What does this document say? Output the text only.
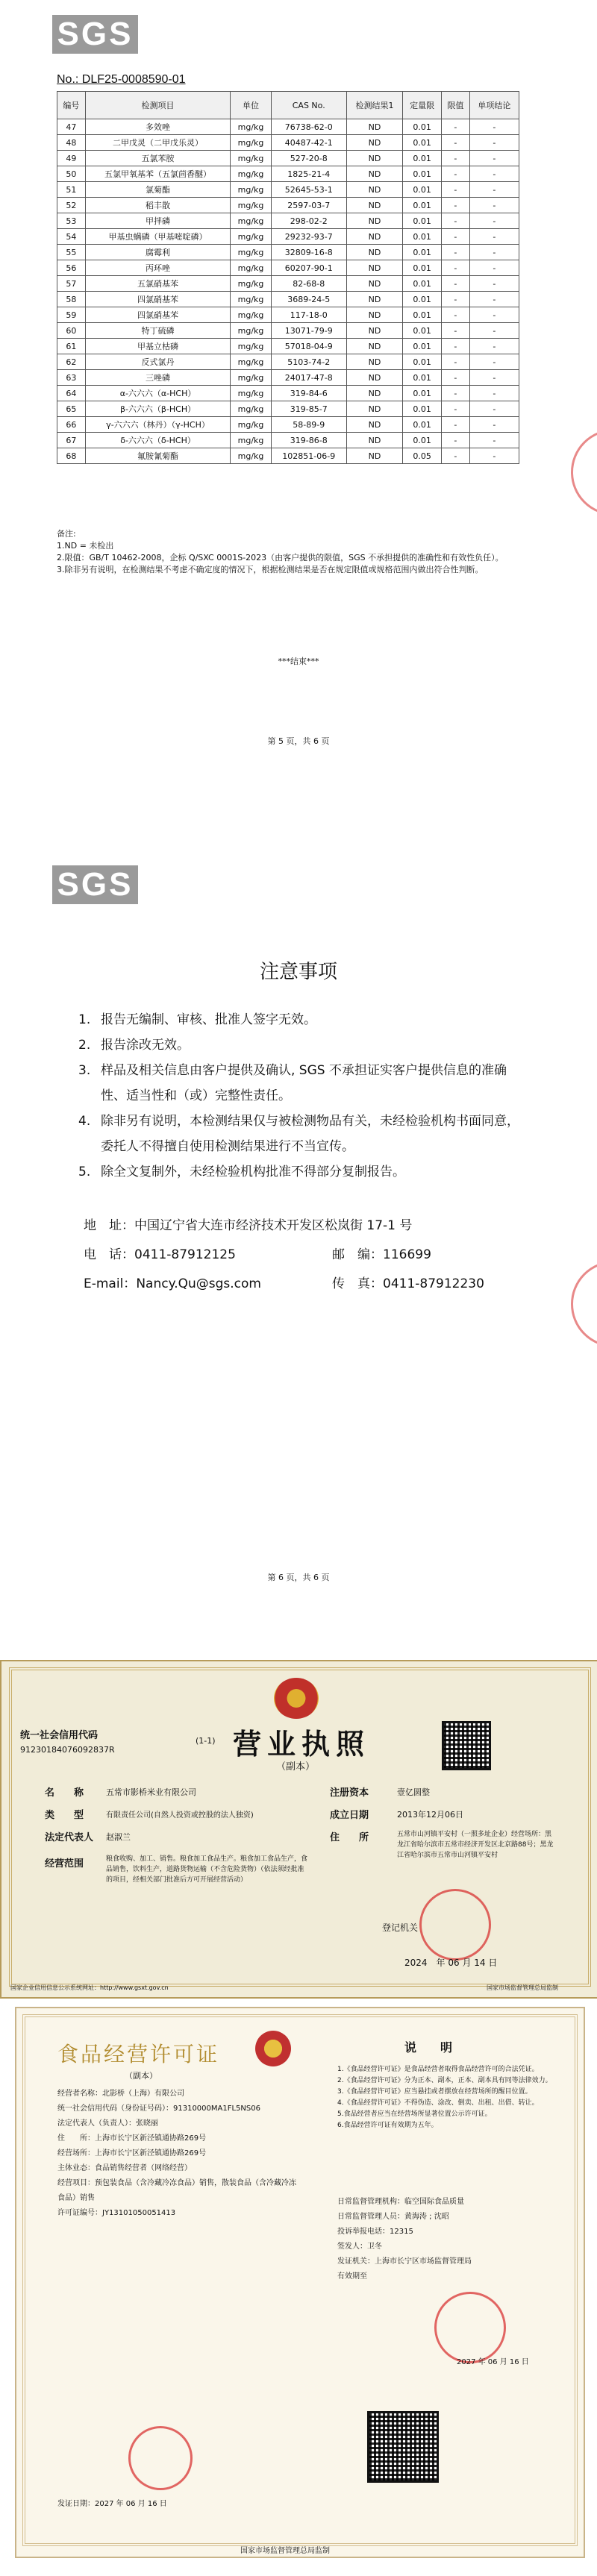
SGS
No.: DLF25-0008590-01
编号	检测项目	单位	CAS No.	检测结果1	定量限	限值	单项结论
47	多效唑	mg/kg	76738-62-0	ND	0.01	-	-
48	二甲戊灵（二甲戊乐灵）	mg/kg	40487-42-1	ND	0.01	-	-
49	五氯苯胺	mg/kg	527-20-8	ND	0.01	-	-
50	五氯甲氧基苯（五氯茴香醚）	mg/kg	1825-21-4	ND	0.01	-	-
51	氯菊酯	mg/kg	52645-53-1	ND	0.01	-	-
52	稻丰散	mg/kg	2597-03-7	ND	0.01	-	-
53	甲拌磷	mg/kg	298-02-2	ND	0.01	-	-
54	甲基虫螨磷（甲基嘧啶磷）	mg/kg	29232-93-7	ND	0.01	-	-
55	腐霉利	mg/kg	32809-16-8	ND	0.01	-	-
56	丙环唑	mg/kg	60207-90-1	ND	0.01	-	-
57	五氯硝基苯	mg/kg	82-68-8	ND	0.01	-	-
58	四氯硝基苯	mg/kg	3689-24-5	ND	0.01	-	-
59	四氯硝基苯	mg/kg	117-18-0	ND	0.01	-	-
60	特丁硫磷	mg/kg	13071-79-9	ND	0.01	-	-
61	甲基立枯磷	mg/kg	57018-04-9	ND	0.01	-	-
62	反式氯丹	mg/kg	5103-74-2	ND	0.01	-	-
63	三唑磷	mg/kg	24017-47-8	ND	0.01	-	-
64	α-六六六（α-HCH）	mg/kg	319-84-6	ND	0.01	-	-
65	β-六六六（β-HCH）	mg/kg	319-85-7	ND	0.01	-	-
66	γ-六六六（林丹）（γ-HCH）	mg/kg	58-89-9	ND	0.01	-	-
67	δ-六六六（δ-HCH）	mg/kg	319-86-8	ND	0.01	-	-
68	氟胺氰菊酯	mg/kg	102851-06-9	ND	0.05	-	-
备注:
1.ND = 未检出
2.限值：GB/T 10462-2008，企标 Q/SXC 0001S-2023（由客户提供的限值，SGS 不承担提供的准确性和有效性负任）。
3.除非另有说明，在检测结果不考虑不确定度的情况下，根据检测结果是否在规定限值或规格范围内做出符合性判断。
***结束***
第 5 页，共 6 页
SGS
注意事项
1. 报告无编制、审核、批准人签字无效。
2. 报告涂改无效。
3. 样品及相关信息由客户提供及确认, SGS 不承担证实客户提供信息的准确性、适当性和（或）完整性责任。
4. 除非另有说明，本检测结果仅与被检测物品有关，未经检验机构书面同意，委托人不得擅自使用检测结果进行不当宣传。
5. 除全文复制外，未经检验机构批准不得部分复制报告。
地　址：中国辽宁省大连市经济技术开发区松岚街 17-1 号
电　话：0411-87912125	邮　编：116699
E-mail：Nancy.Qu@sgs.com	传　真：0411-87912230
第 6 页，共 6 页
统一社会信用代码	(1-1)
91230184076092837R	营业执照
（副本）
名　　称	五常市影桥米业有限公司
类　　型	有限责任公司(自然人投资或控股的法人独资)
法定代表人 赵淑兰
经营范围	粮食收购、加工、销售。粮食加工食品生产。粮食加工食品生产，食品销售，饮料生产，道路货物运输（不含危险货物）（依法须经批准的项目，经相关部门批准后方可开展经营活动）
注册资本	壹亿圆整
成立日期	2013年12月06日
住　　所	五常市山河镇平安村（一照多址企业）经营场所：黑龙江省哈尔滨市五常市经济开发区北京路88号；黑龙江省哈尔滨市五常市山河镇平安村
登记机关
2024　年 06 月 14 日
国家企业信用信息公示系统网址：http://www.gsxt.gov.cn	国家市场监督管理总局监制
食品经营许可证
（副本）
经营者名称：北影桥（上海）有限公司
统一社会信用代码（身份证号码）：91310000MA1FL5NS06
法定代表人（负责人）：张晓丽
住　　所：上海市长宁区新泾镇通协路269号
经营场所：上海市长宁区新泾镇通协路269号
主体业态：食品销售经营者（网络经营）
经营项目：预包装食品（含冷藏冷冻食品）销售，散装食品（含冷藏冷冻食品）销售
许可证编号：JY13101050051413
发证日期：2027 年 06 月 16 日
说　　明
1.《食品经营许可证》是食品经营者取得食品经营许可的合法凭证。
2.《食品经营许可证》分为正本、副本，正本、副本具有同等法律效力。
3.《食品经营许可证》应当悬挂或者摆放在经营场所的醒目位置。
4.《食品经营许可证》不得伪造、涂改、倒卖、出租、出借、转让。
5.食品经营者应当在经营场所显著位置公示许可证。
6.食品经营许可证有效期为五年。
日常监督管理机构：临空国际食品质量
日常监督管理人员：黄海涛 ; 沈昭
投诉举报电话：12315
签发人：卫冬
发证机关：上海市长宁区市场监督管理局
有效期至
2027 年 06 月 16 日
国家市场监督管理总局监制
